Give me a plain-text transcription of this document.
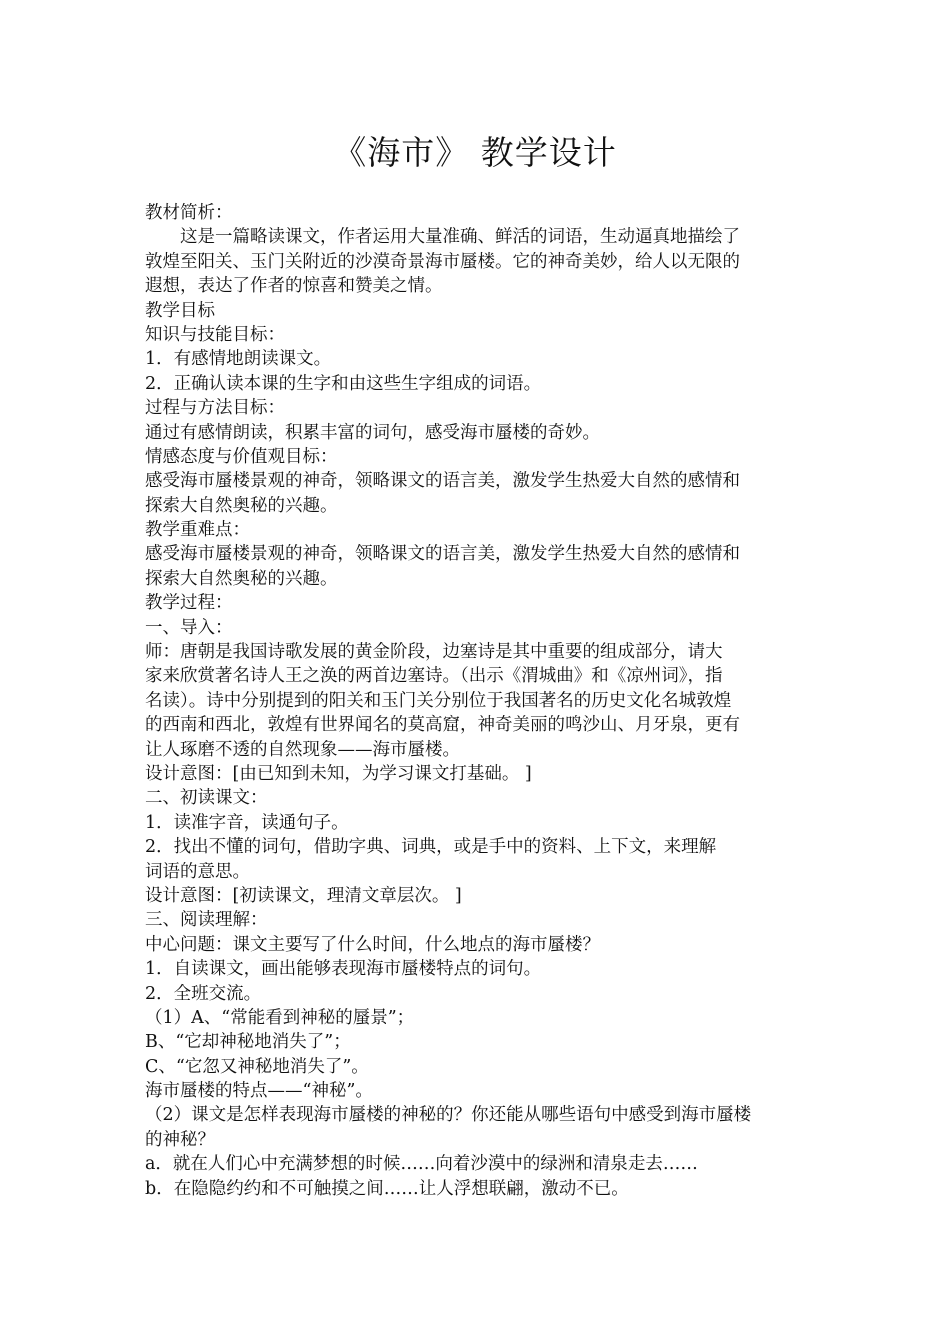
《海市》 教学设计

教材简析：

这是一篇略读课文，作者运用大量准确、鲜活的词语，生动逼真地描绘了

敦煌至阳关、玉门关附近的沙漠奇景海市蜃楼。它的神奇美妙，给人以无限的

遐想，表达了作者的惊喜和赞美之情。

教学目标

知识与技能目标：

1．有感情地朗读课文。

2．正确认读本课的生字和由这些生字组成的词语。

过程与方法目标：

通过有感情朗读，积累丰富的词句，感受海市蜃楼的奇妙。

情感态度与价值观目标：

感受海市蜃楼景观的神奇，领略课文的语言美，激发学生热爱大自然的感情和

探索大自然奥秘的兴趣。

教学重难点：

感受海市蜃楼景观的神奇，领略课文的语言美，激发学生热爱大自然的感情和

探索大自然奥秘的兴趣。

教学过程：

一、导入：

师：唐朝是我国诗歌发展的黄金阶段，边塞诗是其中重要的组成部分，请大

家来欣赏著名诗人王之涣的两首边塞诗。（出示《渭城曲》和《凉州词》，指

名读）。诗中分别提到的阳关和玉门关分别位于我国著名的历史文化名城敦煌

的西南和西北，敦煌有世界闻名的莫高窟，神奇美丽的鸣沙山、月牙泉，更有

让人琢磨不透的自然现象——海市蜃楼。

设计意图：[由已知到未知，为学习课文打基础。 ]

二、初读课文：

1．读准字音，读通句子。

2．找出不懂的词句，借助字典、词典，或是手中的资料、上下文，来理解

词语的意思。

设计意图：[初读课文，理清文章层次。 ]

三、阅读理解：

中心问题：课文主要写了什么时间，什么地点的海市蜃楼？

1．自读课文，画出能够表现海市蜃楼特点的词句。

2．全班交流。

（1）A、“常能看到神秘的蜃景”；

B、“它却神秘地消失了”；

C、“它忽又神秘地消失了”。

海市蜃楼的特点——“神秘”。

（2）课文是怎样表现海市蜃楼的神秘的？你还能从哪些语句中感受到海市蜃楼

的神秘？

a．就在人们心中充满梦想的时候……向着沙漠中的绿洲和清泉走去……

b．在隐隐约约和不可触摸之间……让人浮想联翩，激动不已。
